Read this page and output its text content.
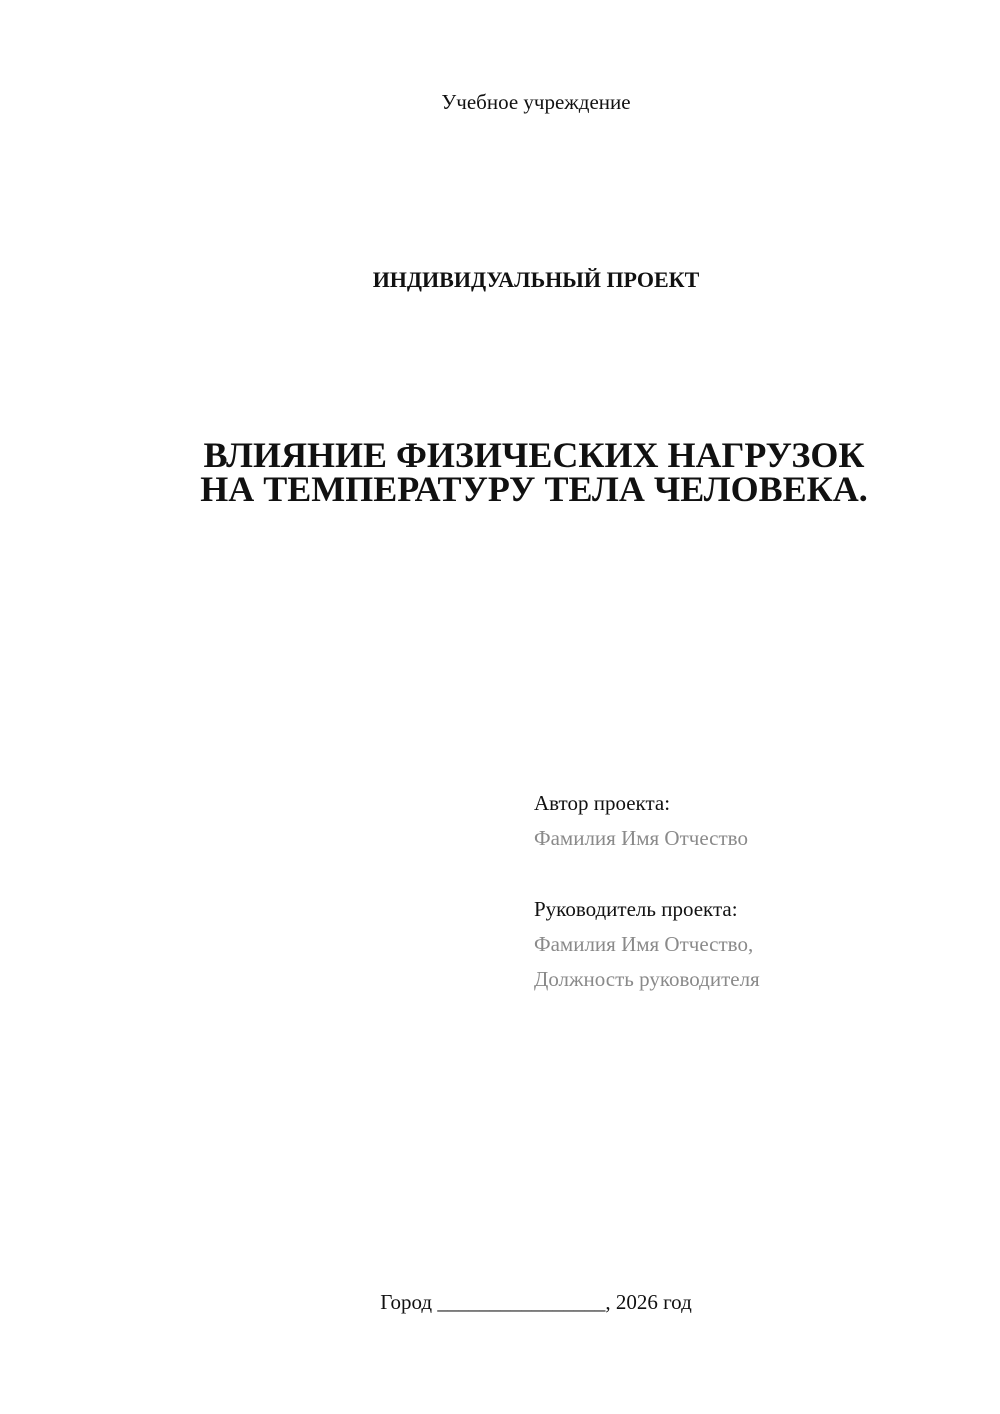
Учебное учреждение
ИНДИВИДУАЛЬНЫЙ ПРОЕКТ
ВЛИЯНИЕ ФИЗИЧЕСКИХ НАГРУЗОК
НА ТЕМПЕРАТУРУ ТЕЛА ЧЕЛОВЕКА.
Автор проекта:
Фамилия Имя Отчество
Руководитель проекта:
Фамилия Имя Отчество,
Должность руководителя
Город ________________, 2026 год
